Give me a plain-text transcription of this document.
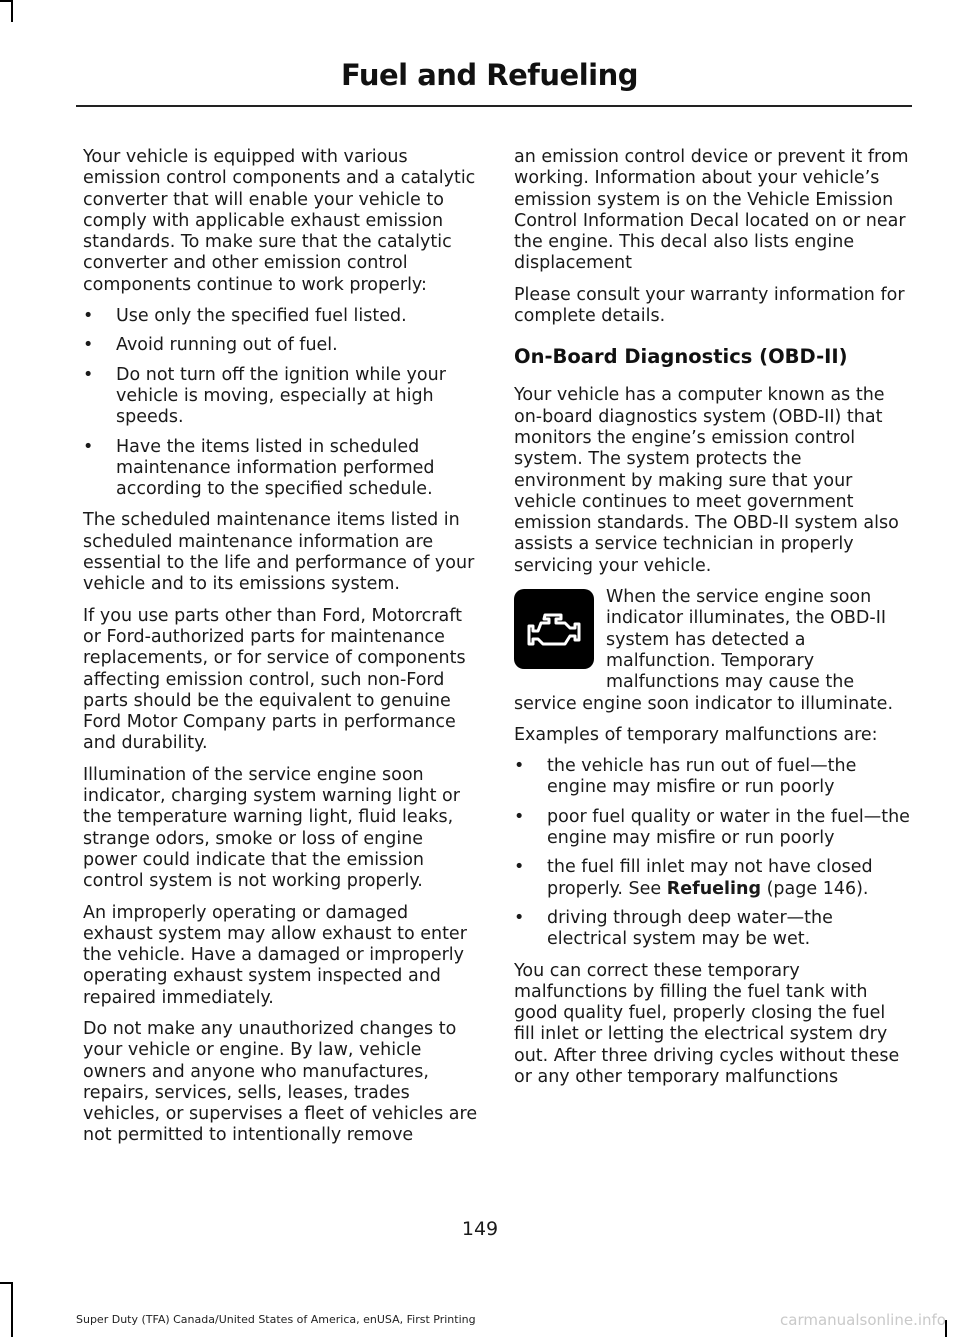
Fuel and Refueling

Your vehicle is equipped with various emission control components and a catalytic converter that will enable your vehicle to comply with applicable exhaust emission standards. To make sure that the catalytic converter and other emission control components continue to work properly:

• Use only the specified fuel listed.
• Avoid running out of fuel.
• Do not turn off the ignition while your vehicle is moving, especially at high speeds.
• Have the items listed in scheduled maintenance information performed according to the specified schedule.

The scheduled maintenance items listed in scheduled maintenance information are essential to the life and performance of your vehicle and to its emissions system.

If you use parts other than Ford, Motorcraft or Ford-authorized parts for maintenance replacements, or for service of components affecting emission control, such non-Ford parts should be the equivalent to genuine Ford Motor Company parts in performance and durability.

Illumination of the service engine soon indicator, charging system warning light or the temperature warning light, fluid leaks, strange odors, smoke or loss of engine power could indicate that the emission control system is not working properly.

An improperly operating or damaged exhaust system may allow exhaust to enter the vehicle. Have a damaged or improperly operating exhaust system inspected and repaired immediately.

Do not make any unauthorized changes to your vehicle or engine. By law, vehicle owners and anyone who manufactures, repairs, services, sells, leases, trades vehicles, or supervises a fleet of vehicles are not permitted to intentionally remove

an emission control device or prevent it from working. Information about your vehicle’s emission system is on the Vehicle Emission Control Information Decal located on or near the engine. This decal also lists engine displacement

Please consult your warranty information for complete details.

On-Board Diagnostics (OBD-II)

Your vehicle has a computer known as the on-board diagnostics system (OBD-II) that monitors the engine’s emission control system. The system protects the environment by making sure that your vehicle continues to meet government emission standards. The OBD-II system also assists a service technician in properly servicing your vehicle.

When the service engine soon indicator illuminates, the OBD-II system has detected a malfunction. Temporary malfunctions may cause the service engine soon indicator to illuminate.

Examples of temporary malfunctions are:

• the vehicle has run out of fuel—the engine may misfire or run poorly
• poor fuel quality or water in the fuel—the engine may misfire or run poorly
• the fuel fill inlet may not have closed properly. See Refueling (page 146).
• driving through deep water—the electrical system may be wet.

You can correct these temporary malfunctions by filling the fuel tank with good quality fuel, properly closing the fuel fill inlet or letting the electrical system dry out. After three driving cycles without these or any other temporary malfunctions

149
Super Duty (TFA) Canada/United States of America, enUSA, First Printing	carmanualsonline.info
